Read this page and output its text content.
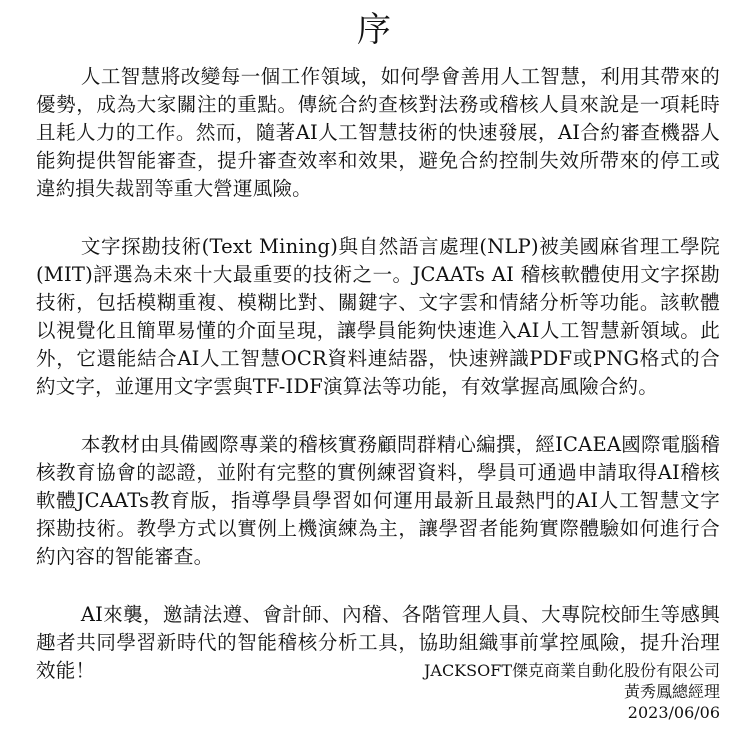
序

人工智慧將改變每一個工作領域，如何學會善用人工智慧，利用其帶來的優勢，成為大家關注的重點。傳統合約查核對法務或稽核人員來說是一項耗時且耗人力的工作。然而，隨著AI人工智慧技術的快速發展，AI合約審查機器人能夠提供智能審查，提升審查效率和效果，避免合約控制失效所帶來的停工或違約損失裁罰等重大營運風險。

文字探勘技術(Text Mining)與自然語言處理(NLP)被美國麻省理工學院(MIT)評選為未來十大最重要的技術之一。JCAATs AI 稽核軟體使用文字探勘技術，包括模糊重複、模糊比對、關鍵字、文字雲和情緒分析等功能。該軟體以視覺化且簡單易懂的介面呈現，讓學員能夠快速進入AI人工智慧新領域。此外，它還能結合AI人工智慧OCR資料連結器，快速辨識PDF或PNG格式的合約文字，並運用文字雲與TF-IDF演算法等功能，有效掌握高風險合約。

本教材由具備國際專業的稽核實務顧問群精心編撰，經ICAEA國際電腦稽核教育協會的認證，並附有完整的實例練習資料，學員可通過申請取得AI稽核軟體JCAATs教育版，指導學員學習如何運用最新且最熱門的AI人工智慧文字探勘技術。教學方式以實例上機演練為主，讓學習者能夠實際體驗如何進行合約內容的智能審查。

AI來襲，邀請法遵、會計師、內稽、各階管理人員、大專院校師生等感興趣者共同學習新時代的智能稽核分析工具，協助組織事前掌控風險，提升治理效能！	JACKSOFT傑克商業自動化股份有限公司
黃秀鳳總經理
2023/06/06
